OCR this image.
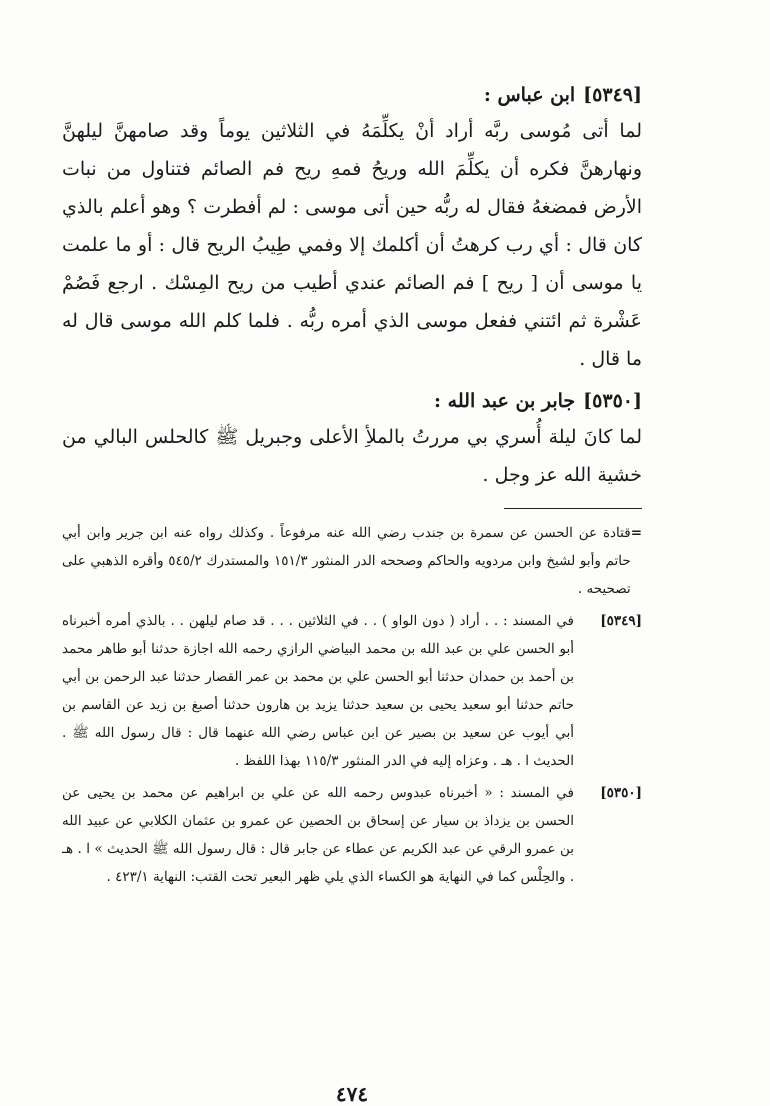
[٥٣٤٩]ابن عباس :

لما أتى مُوسى ربَّه أراد أنْ يكلِّمَهُ في الثلاثين يوماً وقد صامهنَّ ليلهنَّ ونهارهنَّ فكره أن يكلِّمَ الله وريحُ فمهِ ريح فم الصائم فتناول من نبات الأرض فمضغهُ فقال له ربُّه حين أتى موسى : لم أفطرت ؟ وهو أعلم بالذي كان قال : أي رب كرهتُ أن أكلمك إلا وفمي طِيبُ الريح قال : أو ما علمت يا موسى أن [ ريح ] فم الصائم عندي أطيب من ريح المِسْك . ارجع فَصُمْ عَشْرة ثم ائتني ففعل موسى الذي أمره ربُّه . فلما كلم الله موسى قال له ما قال .

[٥٣٥٠]جابر بن عبد الله :

لما كانَ ليلة أُسري بي مررتُ بالملأِ الأعلى وجبريل ﷺ كالحلس البالي من خشية الله عز وجل .

=
قتادة عن الحسن عن سمرة بن جندب رضي الله عنه مرفوعاً . وكذلك رواه عنه ابن جرير وابن أبي حاتم وأبو لشيخ وابن مردويه والحاكم وصححه الدر المنثور ١٥١/٣ والمستدرك ٥٤٥/٢ وأقره الذهبي على تصحيحه .
[٥٣٤٩]
في المسند : . . أراد ( دون الواو ) . . في الثلاثين . . . قد صام ليلهن . . بالذي أمره أخبرناه أبو الحسن علي بن عبد الله بن محمد البياضي الرازي رحمه الله اجازة حدثنا أبو طاهر محمد بن أحمد بن حمدان حدثنا أبو الحسن علي بن محمد بن عمر القصار حدثنا عبد الرحمن بن أبي حاتم حدثنا أبو سعيد يحيى بن سعيد حدثنا يزيد بن هارون حدثنا أصبغ بن زيد عن القاسم بن أبي أيوب عن سعيد بن بصير عن ابن عباس رضي الله عنهما قال : قال رسول الله ﷺ . الحديث ا . هـ . وعزاه إليه في الدر المنثور ١١٥/٣ بهذا اللفظ .
[٥٣٥٠]
في المسند : « أخبرناه عبدوس رحمه الله عن علي بن ابراهيم عن محمد بن يحيى عن الحسن بن يزداذ بن سيار عن إسحاق بن الحصين عن عمرو بن عثمان الكلابي عن عبيد الله بن عمرو الرقي عن عبد الكريم عن عطاء عن جابر قال : قال رسول الله ﷺ الحديث » ا . هـ . والحِلْس كما في النهاية هو الكساء الذي يلي ظهر البعير تحت القتب: النهاية ٤٢٣/١ .
٤٧٤
